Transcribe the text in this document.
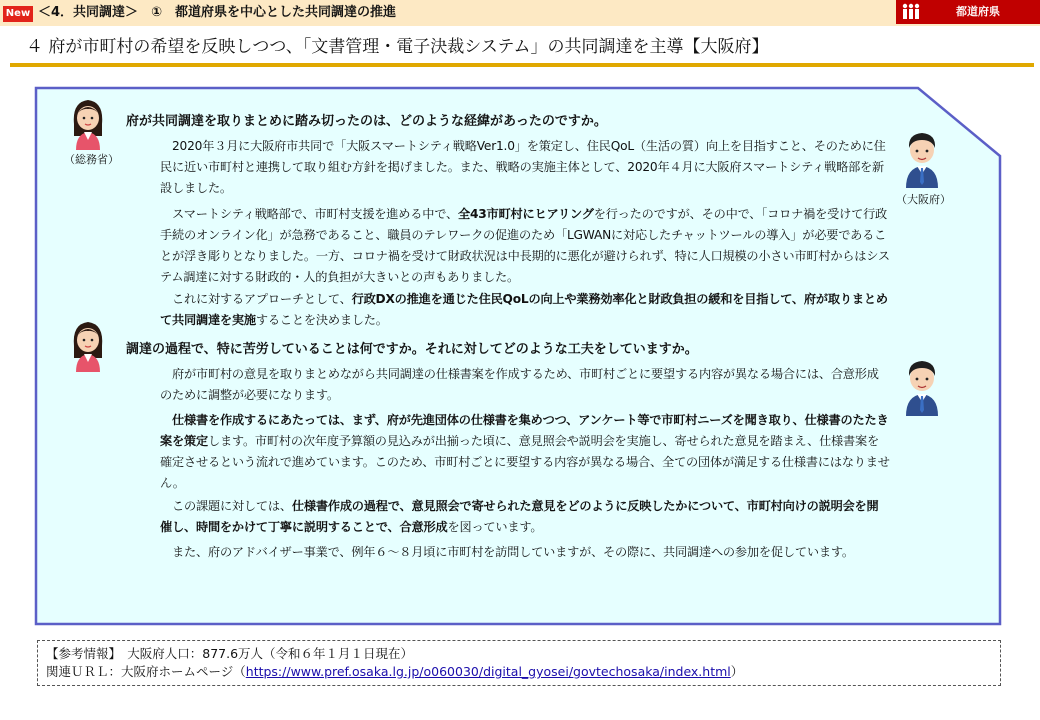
New ＜4．共同調達＞　①　都道府県を中心とした共同調達の推進	都道府県
４ 府が市町村の希望を反映しつつ、「文書管理・電子決裁システム」の共同調達を主導【大阪府】
（総務省）
（大阪府）
府が共同調達を取りまとめに踏み切ったのは、どのような経緯があったのですか。
2020年３月に大阪府市共同で「大阪スマートシティ戦略Ver1.0」を策定し、住民QoL（生活の質）向上を目指すこと、そのために住民に近い市町村と連携して取り組む方針を掲げました。また、戦略の実施主体として、2020年４月に大阪府スマートシティ戦略部を新設しました。
スマートシティ戦略部で、市町村支援を進める中で、全43市町村にヒアリングを行ったのですが、その中で、「コロナ禍を受けて行政手続のオンライン化」が急務であること、職員のテレワークの促進のため「LGWANに対応したチャットツールの導入」が必要であることが浮き彫りとなりました。一方、コロナ禍を受けて財政状況は中長期的に悪化が避けられず、特に人口規模の小さい市町村からはシステム調達に対する財政的・人的負担が大きいとの声もありました。
これに対するアプローチとして、行政DXの推進を通じた住民QoLの向上や業務効率化と財政負担の緩和を目指して、府が取りまとめて共同調達を実施することを決めました。
調達の過程で、特に苦労していることは何ですか。それに対してどのような工夫をしていますか。
府が市町村の意見を取りまとめながら共同調達の仕様書案を作成するため、市町村ごとに要望する内容が異なる場合には、合意形成のために調整が必要になります。
仕様書を作成するにあたっては、まず、府が先進団体の仕様書を集めつつ、アンケート等で市町村ニーズを聞き取り、仕様書のたたき案を策定します。市町村の次年度予算額の見込みが出揃った頃に、意見照会や説明会を実施し、寄せられた意見を踏まえ、仕様書案を確定させるという流れで進めています。このため、市町村ごとに要望する内容が異なる場合、全ての団体が満足する仕様書にはなりません。
この課題に対しては、仕様書作成の過程で、意見照会で寄せられた意見をどのように反映したかについて、市町村向けの説明会を開催し、時間をかけて丁寧に説明することで、合意形成を図っています。
また、府のアドバイザー事業で、例年６～８月頃に市町村を訪問していますが、その際に、共同調達への参加を促しています。
【参考情報】　大阪府人口：877.6万人（令和６年１月１日現在）
関連ＵＲＬ：大阪府ホームページ（https://www.pref.osaka.lg.jp/o060030/digital_gyosei/govtechosaka/index.html）
